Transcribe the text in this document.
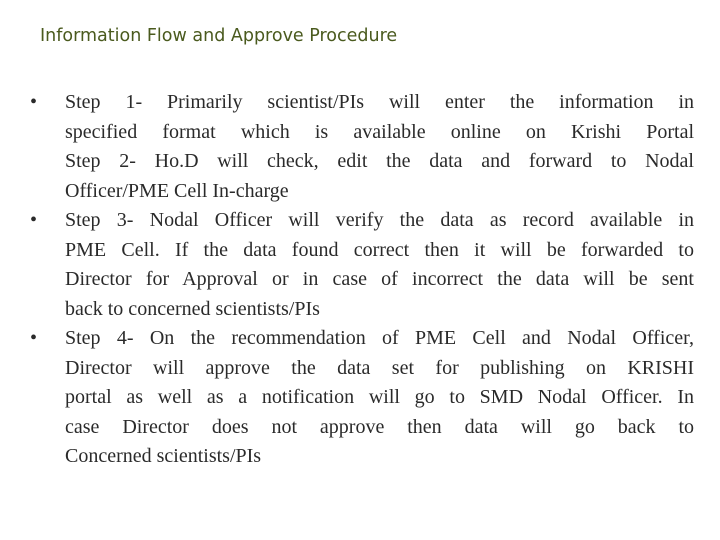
Information Flow and Approve Procedure
•	Step 1- Primarily scientist/PIs will enter the information in
specified format which is available online on Krishi Portal
Step 2- Ho.D will check, edit the data and forward to Nodal
Officer/PME Cell In-charge
•	Step 3- Nodal Officer will verify the data as record available in
PME Cell. If the data found correct then it will be forwarded to
Director for Approval or in case of incorrect the data will be sent
back to concerned scientists/PIs
•	Step 4- On the recommendation of PME Cell and Nodal Officer,
Director will approve the data set for publishing on KRISHI
portal as well as a notification will go to SMD Nodal Officer. In
case Director does not approve then data will go back to
Concerned scientists/PIs
